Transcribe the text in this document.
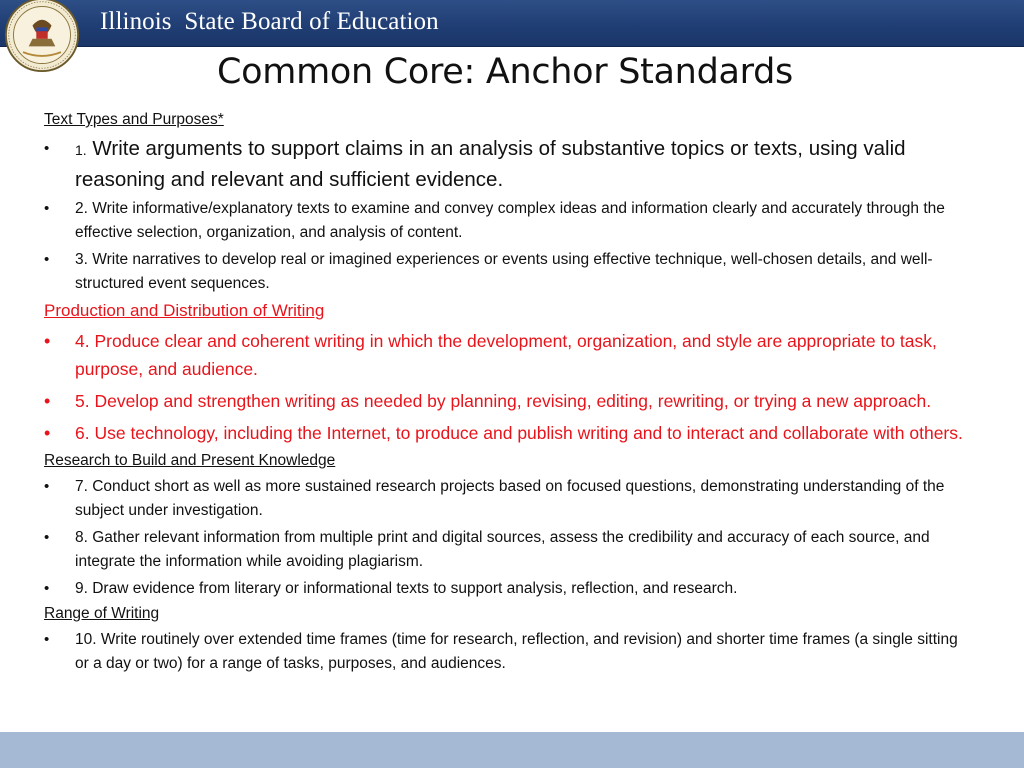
Illinois  State Board of Education
Common Core: Anchor Standards
Text Types and Purposes*
• 1. Write arguments to support claims in an analysis of substantive topics or texts, using valid reasoning and relevant and sufficient evidence.
• 2. Write informative/explanatory texts to examine and convey complex ideas and information clearly and accurately through the effective selection, organization, and analysis of content.
• 3. Write narratives to develop real or imagined experiences or events using effective technique, well-chosen details, and well-structured event sequences.
Production and Distribution of Writing
• 4. Produce clear and coherent writing in which the development, organization, and style are appropriate to task, purpose, and audience.
• 5. Develop and strengthen writing as needed by planning, revising, editing, rewriting, or trying a new approach.
• 6. Use technology, including the Internet, to produce and publish writing and to interact and collaborate with others.
Research to Build and Present Knowledge
• 7. Conduct short as well as more sustained research projects based on focused questions, demonstrating understanding of the subject under investigation.
• 8. Gather relevant information from multiple print and digital sources, assess the credibility and accuracy of each source, and integrate the information while avoiding plagiarism.
• 9. Draw evidence from literary or informational texts to support analysis, reflection, and research.
Range of Writing
• 10. Write routinely over extended time frames (time for research, reflection, and revision) and shorter time frames (a single sitting or a day or two) for a range of tasks, purposes, and audiences.
